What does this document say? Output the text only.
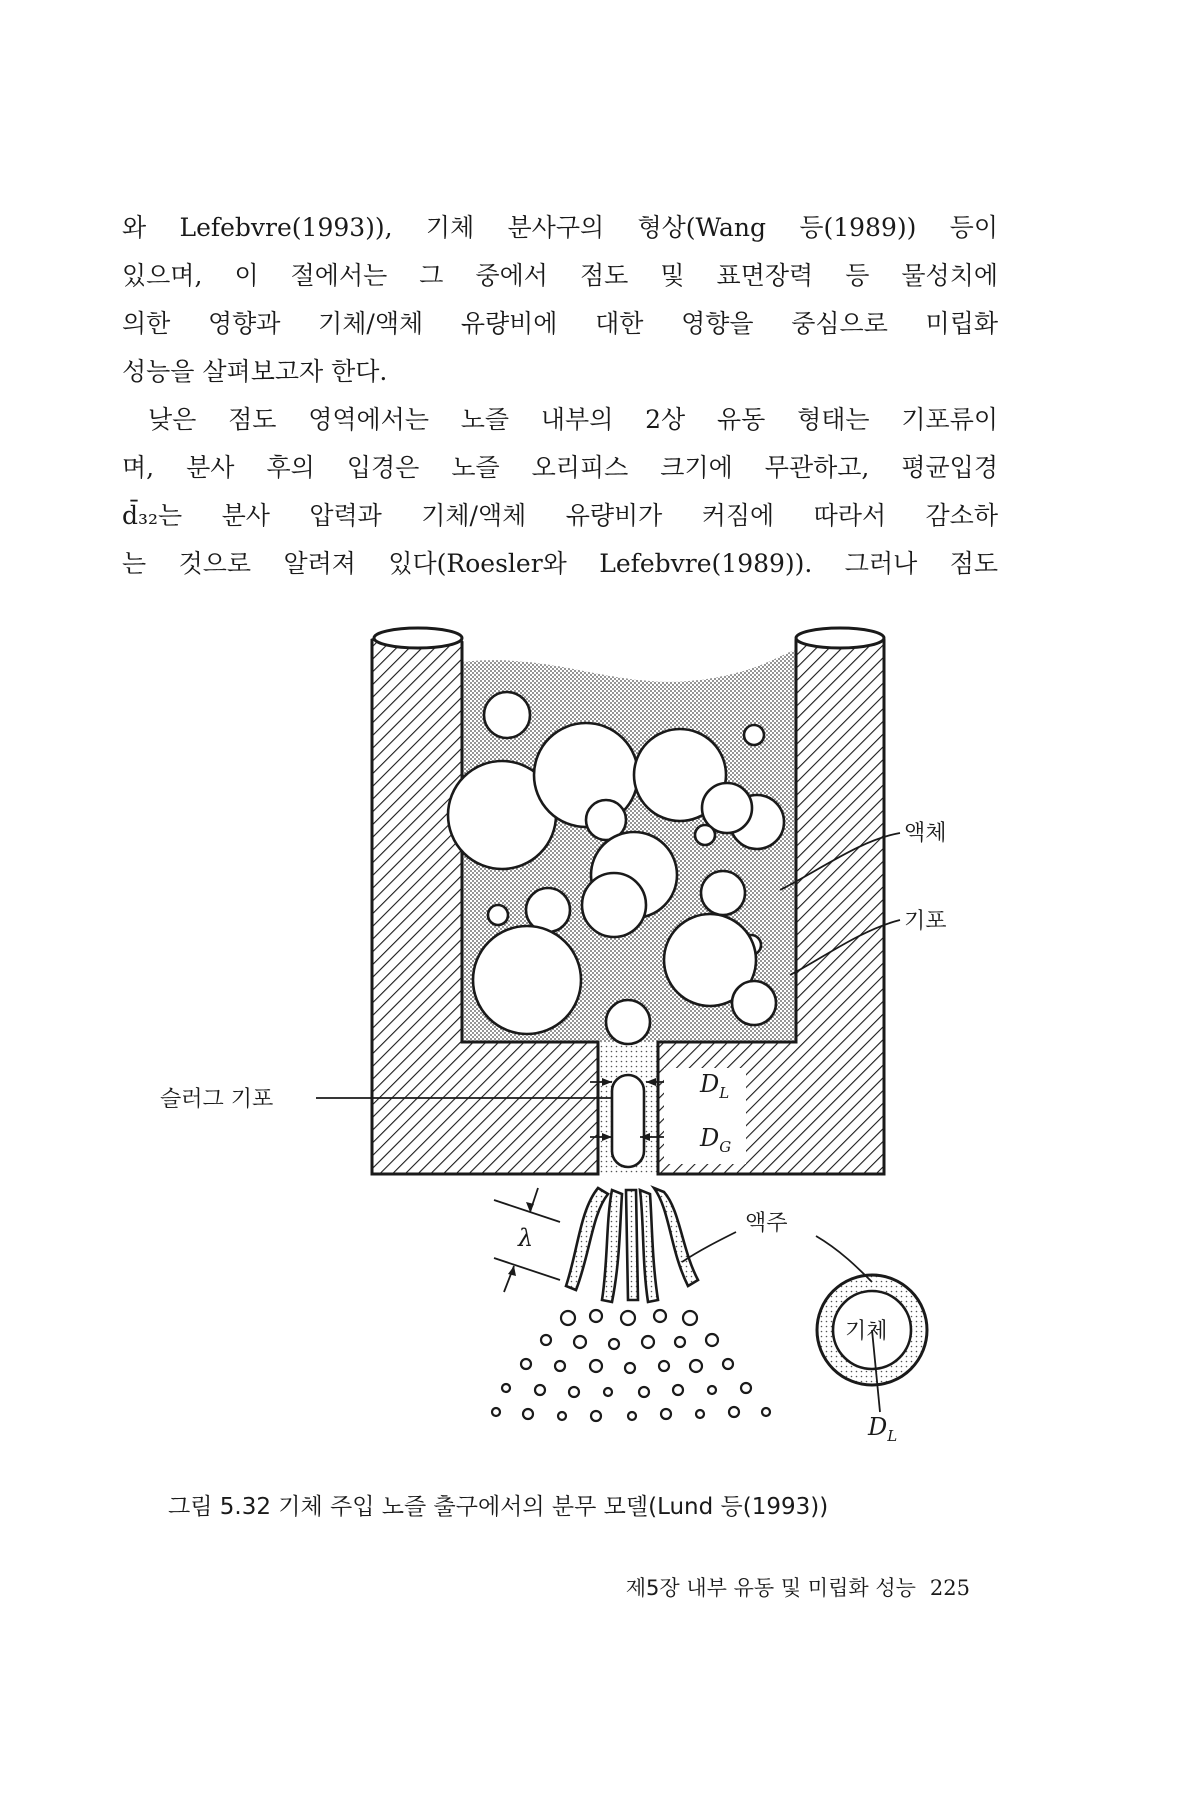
와 Lefebvre(1993)), 기체 분사구의 형상(Wang 등(1989)) 등이
있으며, 이 절에서는 그 중에서 점도 및 표면장력 등 물성치에
의한 영향과 기체/액체 유량비에 대한 영향을 중심으로 미립화
성능을 살펴보고자 한다.
낮은 점도 영역에서는 노즐 내부의 2상 유동 형태는 기포류이
며, 분사 후의 입경은 노즐 오리피스 크기에 무관하고, 평균입경
d̄₃₂는 분사 압력과 기체/액체 유량비가 커짐에 따라서 감소하
는 것으로 알려져 있다(Roesler와 Lefebvre(1989)). 그러나 점도
$D_L$
$D_G$
기체
$D_L$
λ
액체
기포
슬러그 기포
액주
그림 5.32 기체 주입 노즐 출구에서의 분무 모델(Lund 등(1993))
제5장 내부 유동 및 미립화 성능 225
